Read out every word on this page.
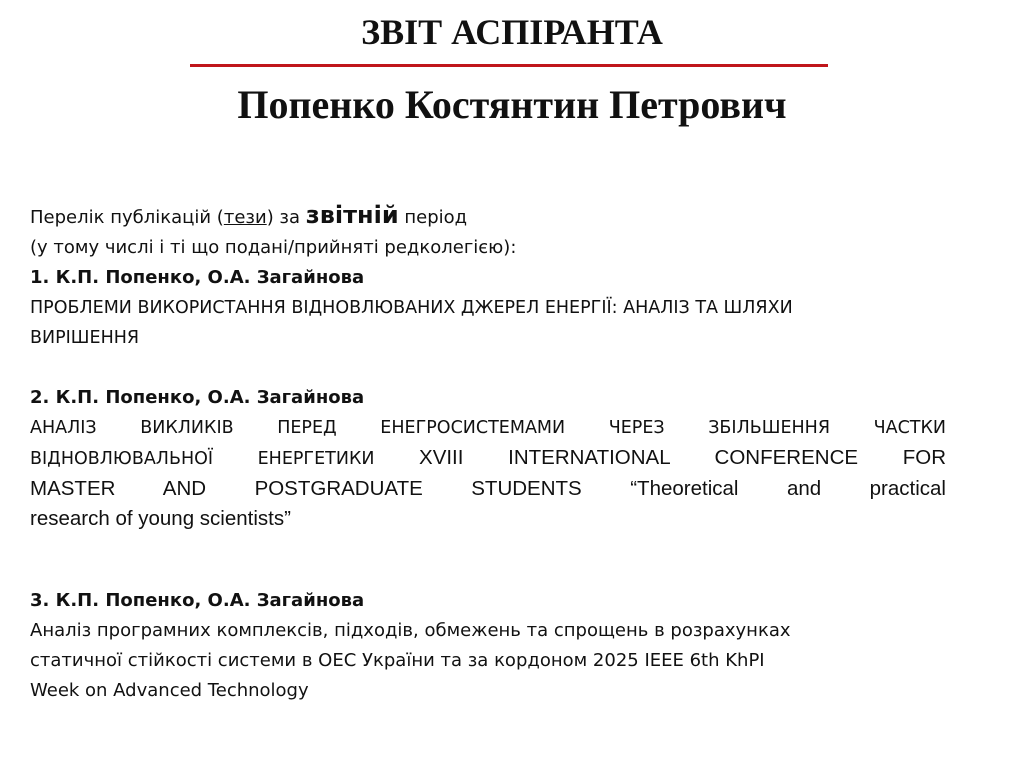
ЗВІТ АСПІРАНТА
Попенко Костянтин Петрович
Перелік публікацій (тези) за звітній період
(у тому числі і ті що подані/прийняті редколегією):
1. К.П. Попенко, О.А. Загайнова
ПРОБЛЕМИ ВИКОРИСТАННЯ ВІДНОВЛЮВАНИХ ДЖЕРЕЛ ЕНЕРГІЇ: АНАЛІЗ ТА ШЛЯХИ
ВИРІШЕННЯ
2. К.П. Попенко, О.А. Загайнова
АНАЛІЗ ВИКЛИКІВ ПЕРЕД ЕНЕГРОСИСТЕМАМИ ЧЕРЕЗ ЗБІЛЬШЕННЯ ЧАСТКИ
ВІДНОВЛЮВАЛЬНОЇ ЕНЕРГЕТИКИ XVIII INTERNATIONAL CONFERENCE FOR
MASTER AND POSTGRADUATE STUDENTS “Theoretical and practical
research of young scientists”
3. К.П. Попенко, О.А. Загайнова
Аналіз програмних комплексів, підходів, обмежень та спрощень в розрахунках
статичної стійкості системи в ОЕС України та за кордоном 2025 IEEE 6th KhPI
Week on Advanced Technology
